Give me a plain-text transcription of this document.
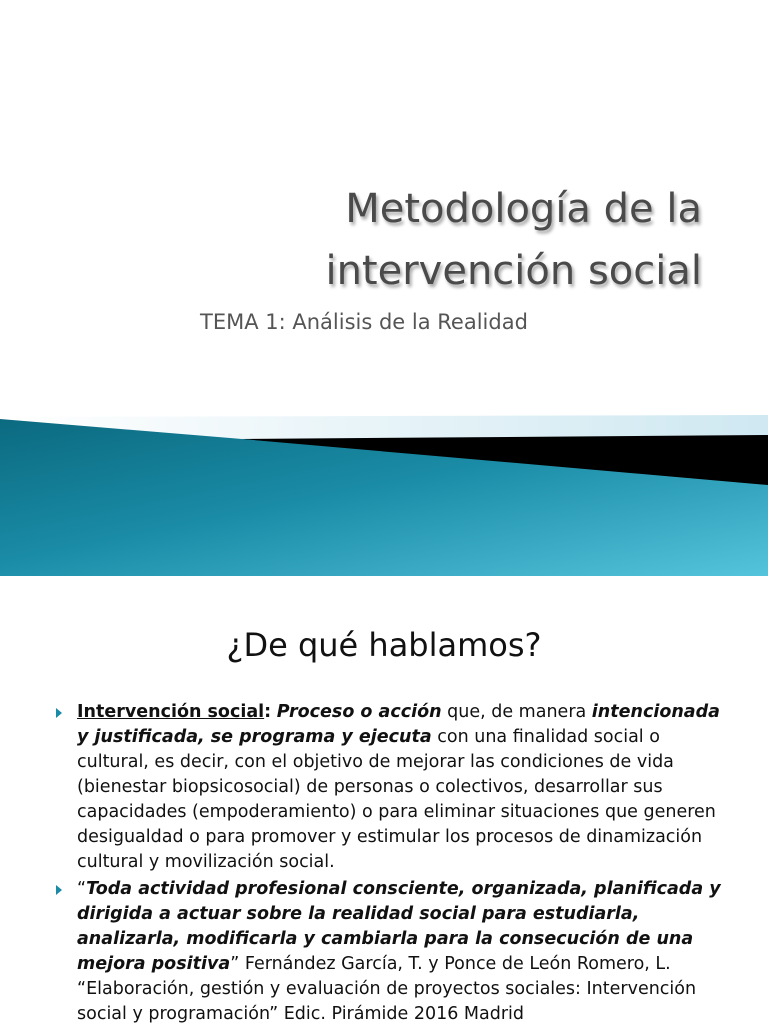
Metodología de la
intervención social
TEMA 1: Análisis de la Realidad
¿De qué hablamos?
Intervención social: Proceso o acción que, de manera intencionada y justificada, se programa y ejecuta con una finalidad social o cultural, es decir, con el objetivo de mejorar las condiciones de vida (bienestar biopsicosocial) de personas o colectivos, desarrollar sus capacidades (empoderamiento) o para eliminar situaciones que generen desigualdad o para promover y estimular los procesos de dinamización cultural y movilización social.
“Toda actividad profesional consciente, organizada, planificada y dirigida a actuar sobre la realidad social para estudiarla, analizarla, modificarla y cambiarla para la consecución de una mejora positiva” Fernández García, T. y Ponce de León Romero, L. “Elaboración, gestión y evaluación de proyectos sociales: Intervención social y programación” Edic. Pirámide 2016 Madrid
